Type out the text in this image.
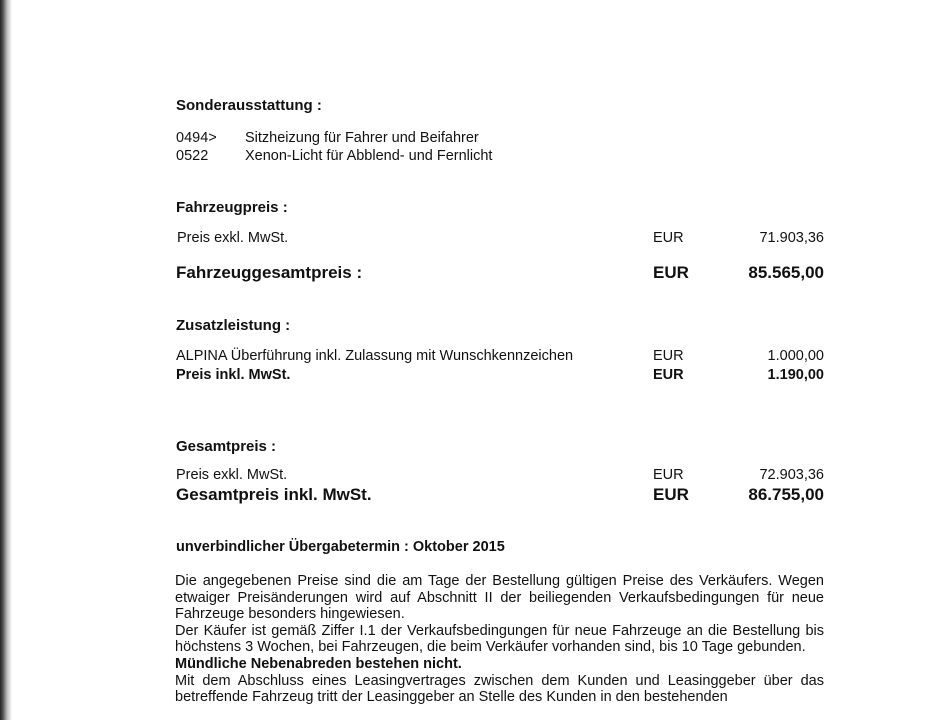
Sonderausstattung :
0494> Sitzheizung für Fahrer und Beifahrer
0522	Xenon-Licht für Abblend- und Fernlicht
Fahrzeugpreis :
Preis exkl. MwSt.	EUR	71.903,36
Fahrzeuggesamtpreis :	EUR	85.565,00
Zusatzleistung :
ALPINA Überführung inkl. Zulassung mit Wunschkennzeichen	EUR	1.000,00
Preis inkl. MwSt.	EUR	1.190,00
Gesamtpreis :
Preis exkl. MwSt.	EUR	72.903,36
Gesamtpreis inkl. MwSt.	EUR	86.755,00
unverbindlicher Übergabetermin : Oktober 2015

Die angegebenen Preise sind die am Tage der Bestellung gültigen Preise des Verkäufers. Wegen etwaiger Preisänderungen wird auf Abschnitt II der beiliegenden Verkaufsbedingungen für neue Fahrzeuge besonders hingewiesen.

Der Käufer ist gemäß Ziffer I.1 der Verkaufsbedingungen für neue Fahrzeuge an die Bestellung bis höchstens 3 Wochen, bei Fahrzeugen, die beim Verkäufer vorhanden sind, bis 10 Tage gebunden.

Mündliche Nebenabreden bestehen nicht.

Mit dem Abschluss eines Leasingvertrages zwischen dem Kunden und Leasinggeber über das betreffende Fahrzeug tritt der Leasinggeber an Stelle des Kunden in den bestehenden
